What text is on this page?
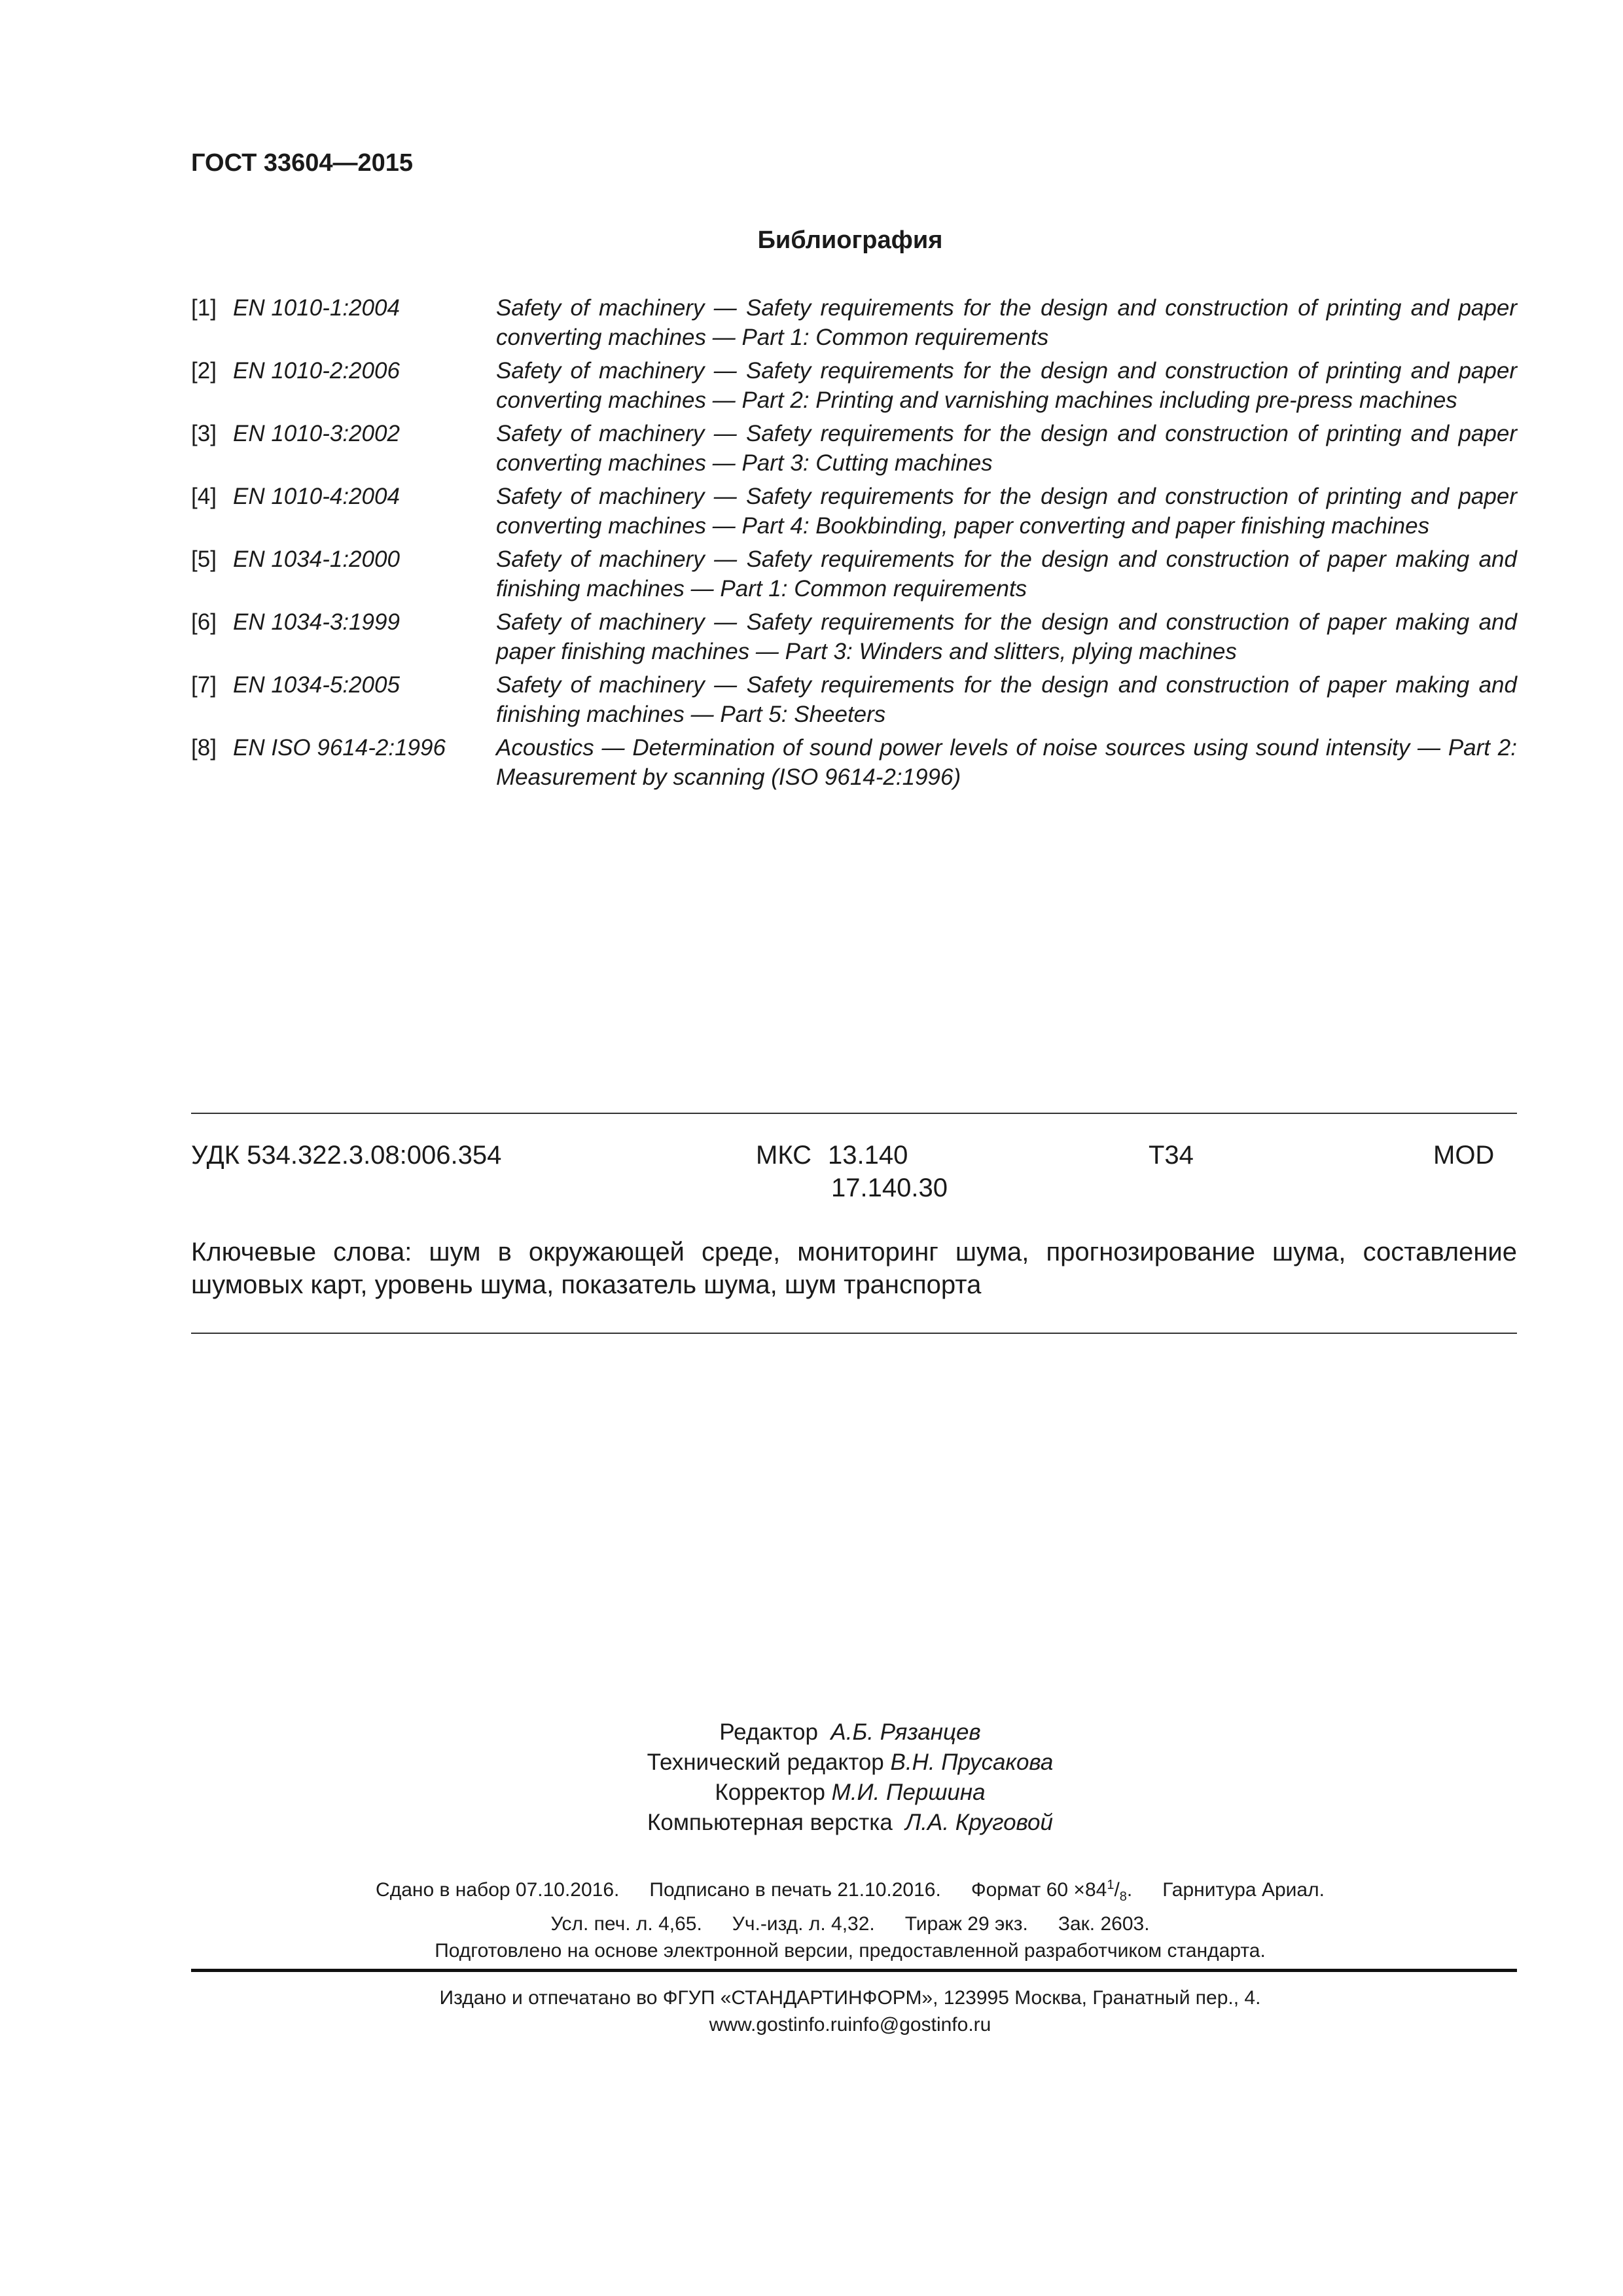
ГОСТ 33604—2015
Библиография
[1] EN 1010-1:2004	Safety of machinery — Safety requirements for the design and construction of printing and paper converting machines — Part 1: Common requirements
[2] EN 1010-2:2006	Safety of machinery — Safety requirements for the design and construction of printing and paper converting machines — Part 2: Printing and varnishing machines including pre-press machines
[3] EN 1010-3:2002	Safety of machinery — Safety requirements for the design and construction of printing and paper converting machines — Part 3: Cutting machines
[4] EN 1010-4:2004	Safety of machinery — Safety requirements for the design and construction of printing and paper converting machines — Part 4: Bookbinding, paper converting and paper finishing machines
[5] EN 1034-1:2000	Safety of machinery — Safety requirements for the design and construction of paper making and finishing machines — Part 1: Common requirements
[6] EN 1034-3:1999	Safety of machinery — Safety requirements for the design and construction of paper making and paper finishing machines — Part 3: Winders and slitters, plying machines
[7] EN 1034-5:2005	Safety of machinery — Safety requirements for the design and construction of paper making and finishing machines — Part 5: Sheeters
[8] EN ISO 9614-2:1996	Acoustics — Determination of sound power levels of noise sources using sound intensity — Part 2: Measurement by scanning (ISO 9614-2:1996)
УДК 534.322.3.08:006.354	МКС 13.140
17.140.30
Т34	MOD
Ключевые слова: шум в окружающей среде, мониторинг шума, прогнозирование шума, составление шумовых карт, уровень шума, показатель шума, шум транспорта
Редактор А.Б. Рязанцев
Технический редактор В.Н. Прусакова
Корректор М.И. Першина
Компьютерная верстка Л.А. Круговой
Сдано в набор 07.10.2016. Подписано в печать 21.10.2016. Формат $60 \times 84^1/_8$. Гарнитура Ариал.
Усл. печ. л. 4,65. Уч.-изд. л. 4,32. Тираж 29 экз. Зак. 2603.
Подготовлено на основе электронной версии, предоставленной разработчиком стандарта.
Издано и отпечатано во ФГУП «СТАНДАРТИНФОРМ», 123995 Москва, Гранатный пер., 4.
www.gostinfo.ruinfo@gostinfo.ru
